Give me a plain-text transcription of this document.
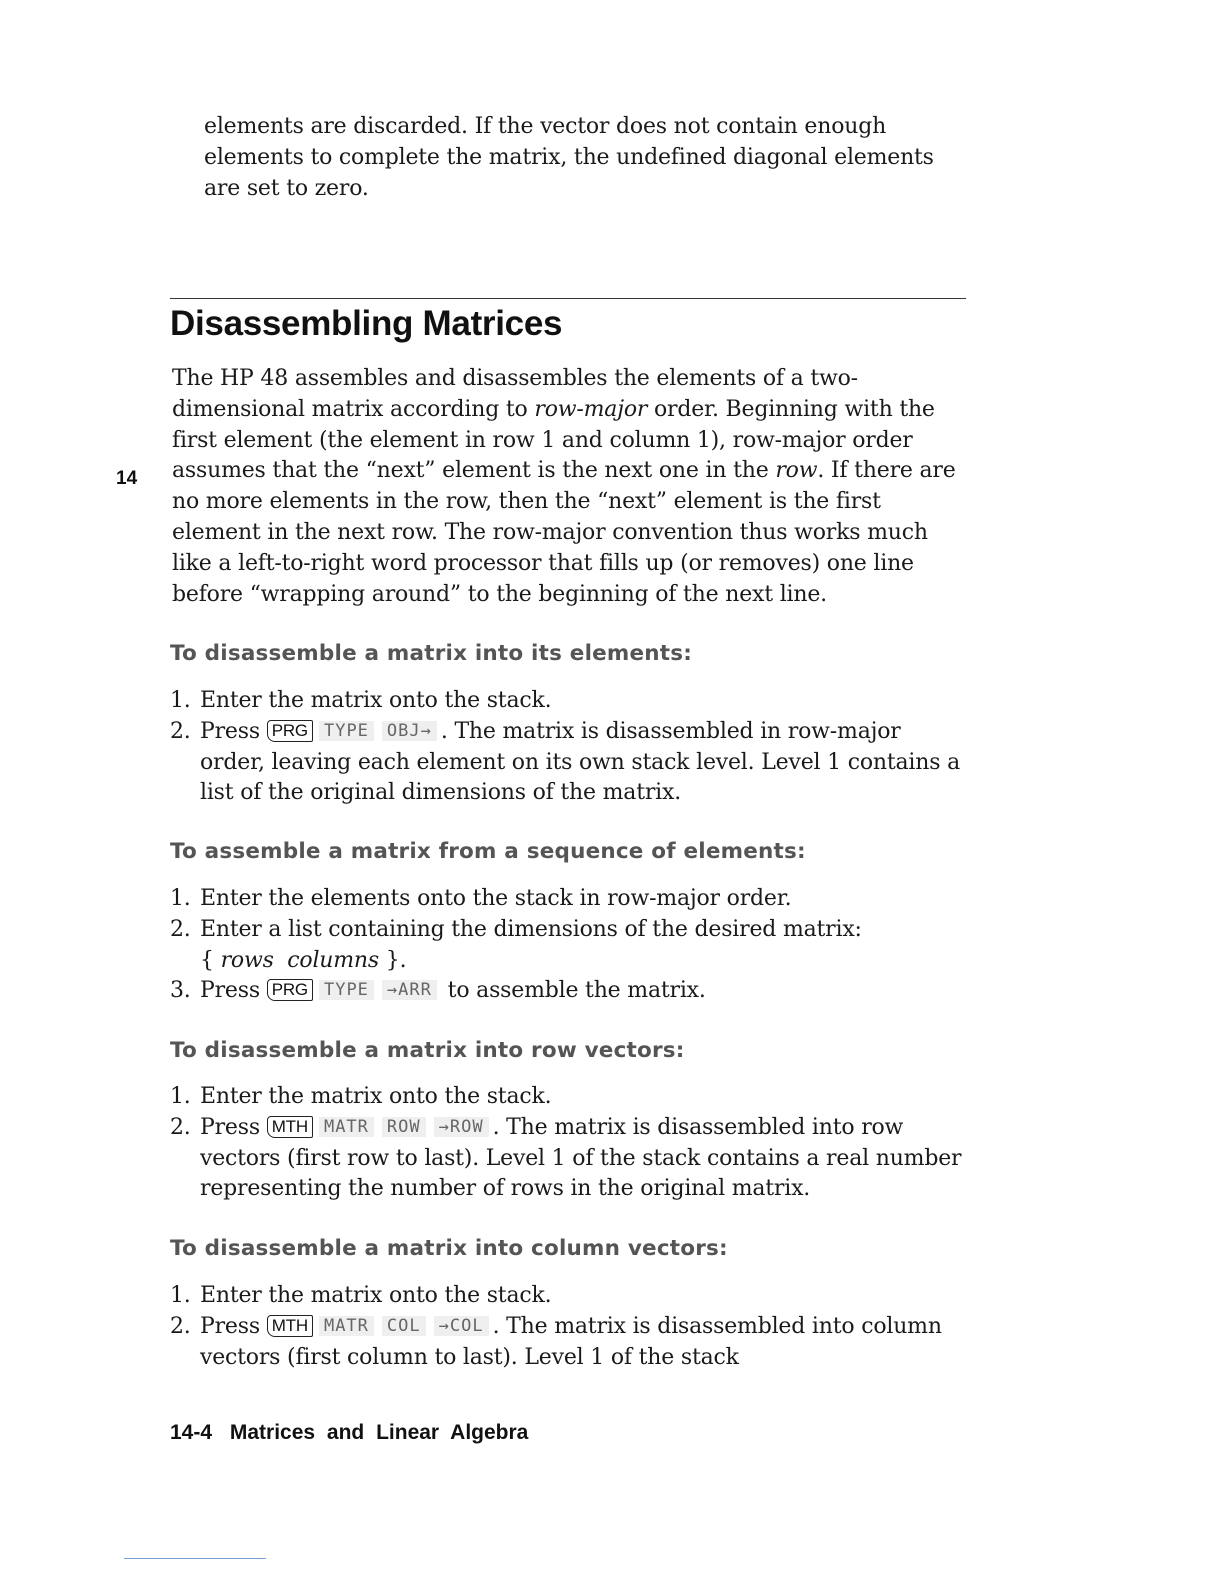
elements are discarded. If the vector does not contain enough elements to complete the matrix, the undefined diagonal elements are set to zero.

Disassembling Matrices
14

The HP 48 assembles and disassembles the elements of a two-dimensional matrix according to row-major order. Beginning with the first element (the element in row 1 and column 1), row-major order assumes that the “next” element is the next one in the row. If there are no more elements in the row, then the “next” element is the first element in the next row. The row-major convention thus works much like a left-to-right word processor that fills up (or removes) one line before “wrapping around” to the beginning of the next line.

To disassemble a matrix into its elements:
1. Enter the matrix onto the stack.
2. Press PRG TYPE OBJ→ . The matrix is disassembled in row-major order, leaving each element on its own stack level. Level 1 contains a list of the original dimensions of the matrix.
To assemble a matrix from a sequence of elements:
1. Enter the elements onto the stack in row-major order.
2. Enter a list containing the dimensions of the desired matrix:
{ rows columns }.
3. Press PRG TYPE →ARR to assemble the matrix.
To disassemble a matrix into row vectors:
1. Enter the matrix onto the stack.
2. Press MTH MATR ROW →ROW . The matrix is disassembled into row vectors (first row to last). Level 1 of the stack contains a real number representing the number of rows in the original matrix.
To disassemble a matrix into column vectors:
1. Enter the matrix onto the stack.
2. Press MTH MATR COL →COL . The matrix is disassembled into column vectors (first column to last). Level 1 of the stack

14-4 Matrices and Linear Algebra
